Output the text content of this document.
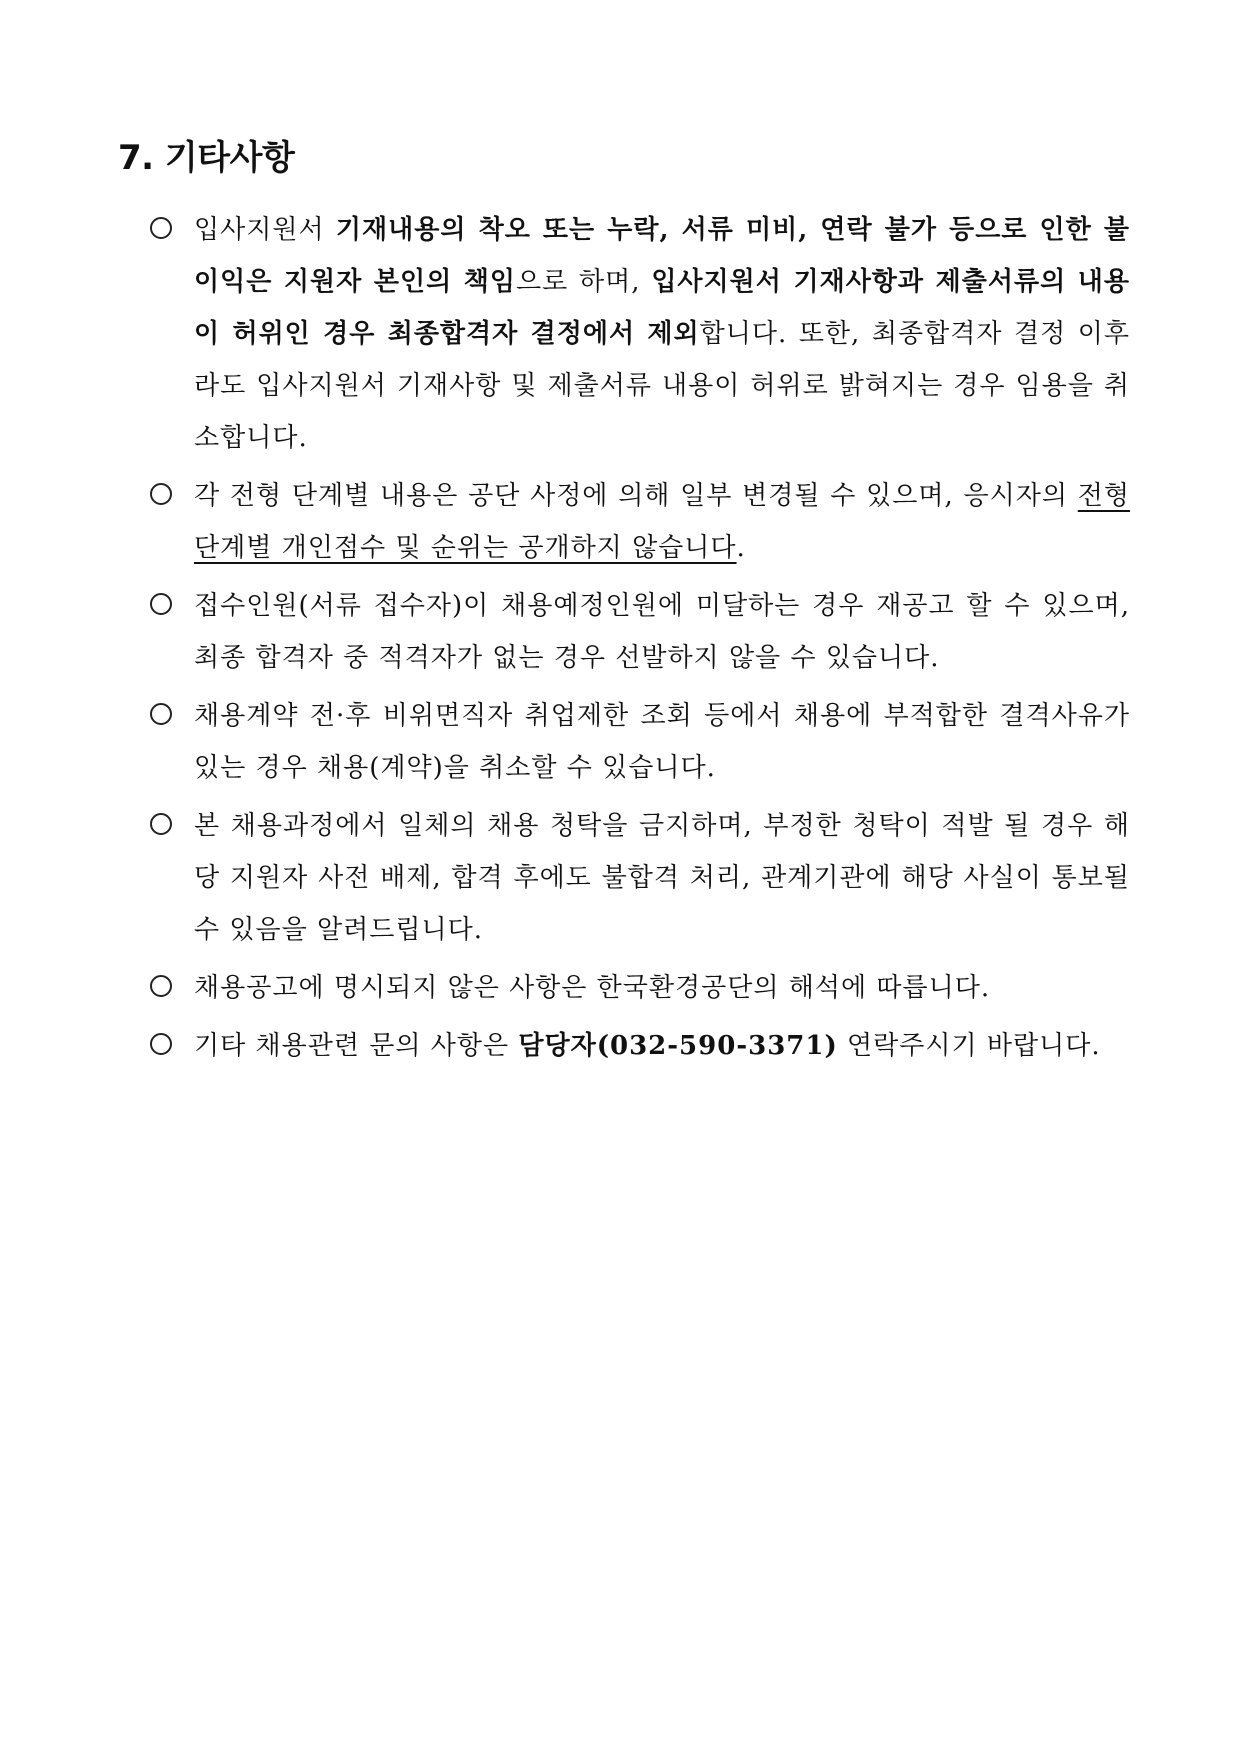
7. 기타사항
입사지원서 기재내용의 착오 또는 누락, 서류 미비, 연락 불가 등으로 인한 불이익은 지원자 본인의 책임으로 하며, 입사지원서 기재사항과 제출서류의 내용이 허위인 경우 최종합격자 결정에서 제외합니다. 또한, 최종합격자 결정 이후라도 입사지원서 기재사항 및 제출서류 내용이 허위로 밝혀지는 경우 임용을 취소합니다.
각 전형 단계별 내용은 공단 사정에 의해 일부 변경될 수 있으며, 응시자의 전형 단계별 개인점수 및 순위는 공개하지 않습니다.
접수인원(서류 접수자)이 채용예정인원에 미달하는 경우 재공고 할 수 있으며, 최종 합격자 중 적격자가 없는 경우 선발하지 않을 수 있습니다.
채용계약 전·후 비위면직자 취업제한 조회 등에서 채용에 부적합한 결격사유가 있는 경우 채용(계약)을 취소할 수 있습니다.
본 채용과정에서 일체의 채용 청탁을 금지하며, 부정한 청탁이 적발 될 경우 해당 지원자 사전 배제, 합격 후에도 불합격 처리, 관계기관에 해당 사실이 통보될 수 있음을 알려드립니다.
채용공고에 명시되지 않은 사항은 한국환경공단의 해석에 따릅니다.
기타 채용관련 문의 사항은 담당자(032-590-3371) 연락주시기 바랍니다.
